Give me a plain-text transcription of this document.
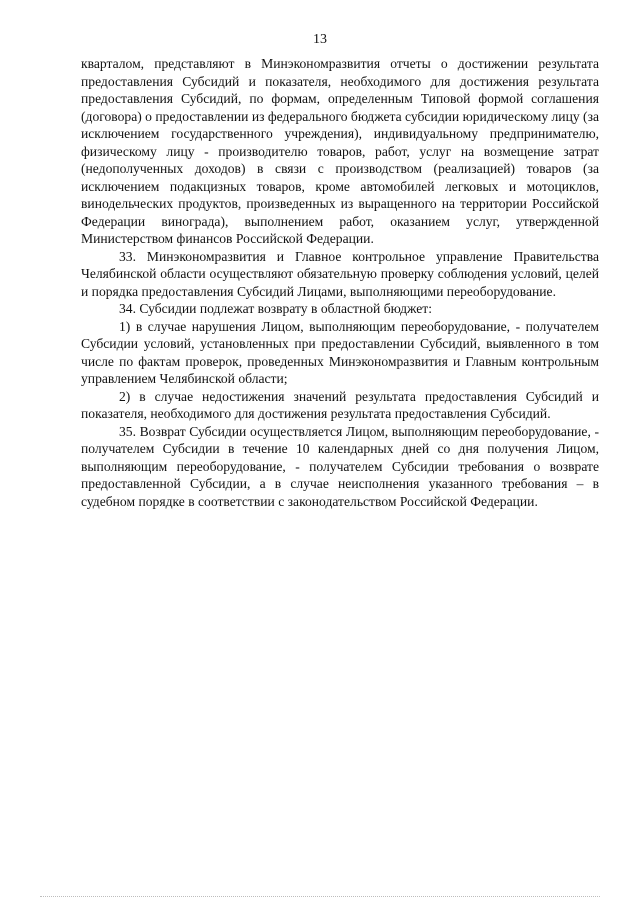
13

кварталом, представляют в Минэкономразвития отчеты о достижении результата предоставления Субсидий и показателя, необходимого для достижения результата предоставления Субсидий, по формам, определенным Типовой формой соглашения (договора) о предоставлении из федерального бюджета субсидии юридическому лицу (за исключением государственного учреждения), индивидуальному предпринимателю, физическому лицу - производителю товаров, работ, услуг на возмещение затрат (недополученных доходов) в связи с производством (реализацией) товаров (за исключением подакцизных товаров, кроме автомобилей легковых и мотоциклов, винодельческих продуктов, произведенных из выращенного на территории Российской Федерации винограда), выполнением работ, оказанием услуг, утвержденной Министерством финансов Российской Федерации.

33. Минэкономразвития и Главное контрольное управление Правительства Челябинской области осуществляют обязательную проверку соблюдения условий, целей и порядка предоставления Субсидий Лицами, выполняющими переоборудование.

34. Субсидии подлежат возврату в областной бюджет:

1) в случае нарушения Лицом, выполняющим переоборудование, - получателем Субсидии условий, установленных при предоставлении Субсидий, выявленного в том числе по фактам проверок, проведенных Минэкономразвития и Главным контрольным управлением Челябинской области;

2) в случае недостижения значений результата предоставления Субсидий и показателя, необходимого для достижения результата предоставления Субсидий.

35. Возврат Субсидии осуществляется Лицом, выполняющим переоборудование, - получателем Субсидии в течение 10 календарных дней со дня получения Лицом, выполняющим переоборудование, - получателем Субсидии требования о возврате предоставленной Субсидии, а в случае неисполнения указанного требования – в судебном порядке в соответствии с законодательством Российской Федерации.
